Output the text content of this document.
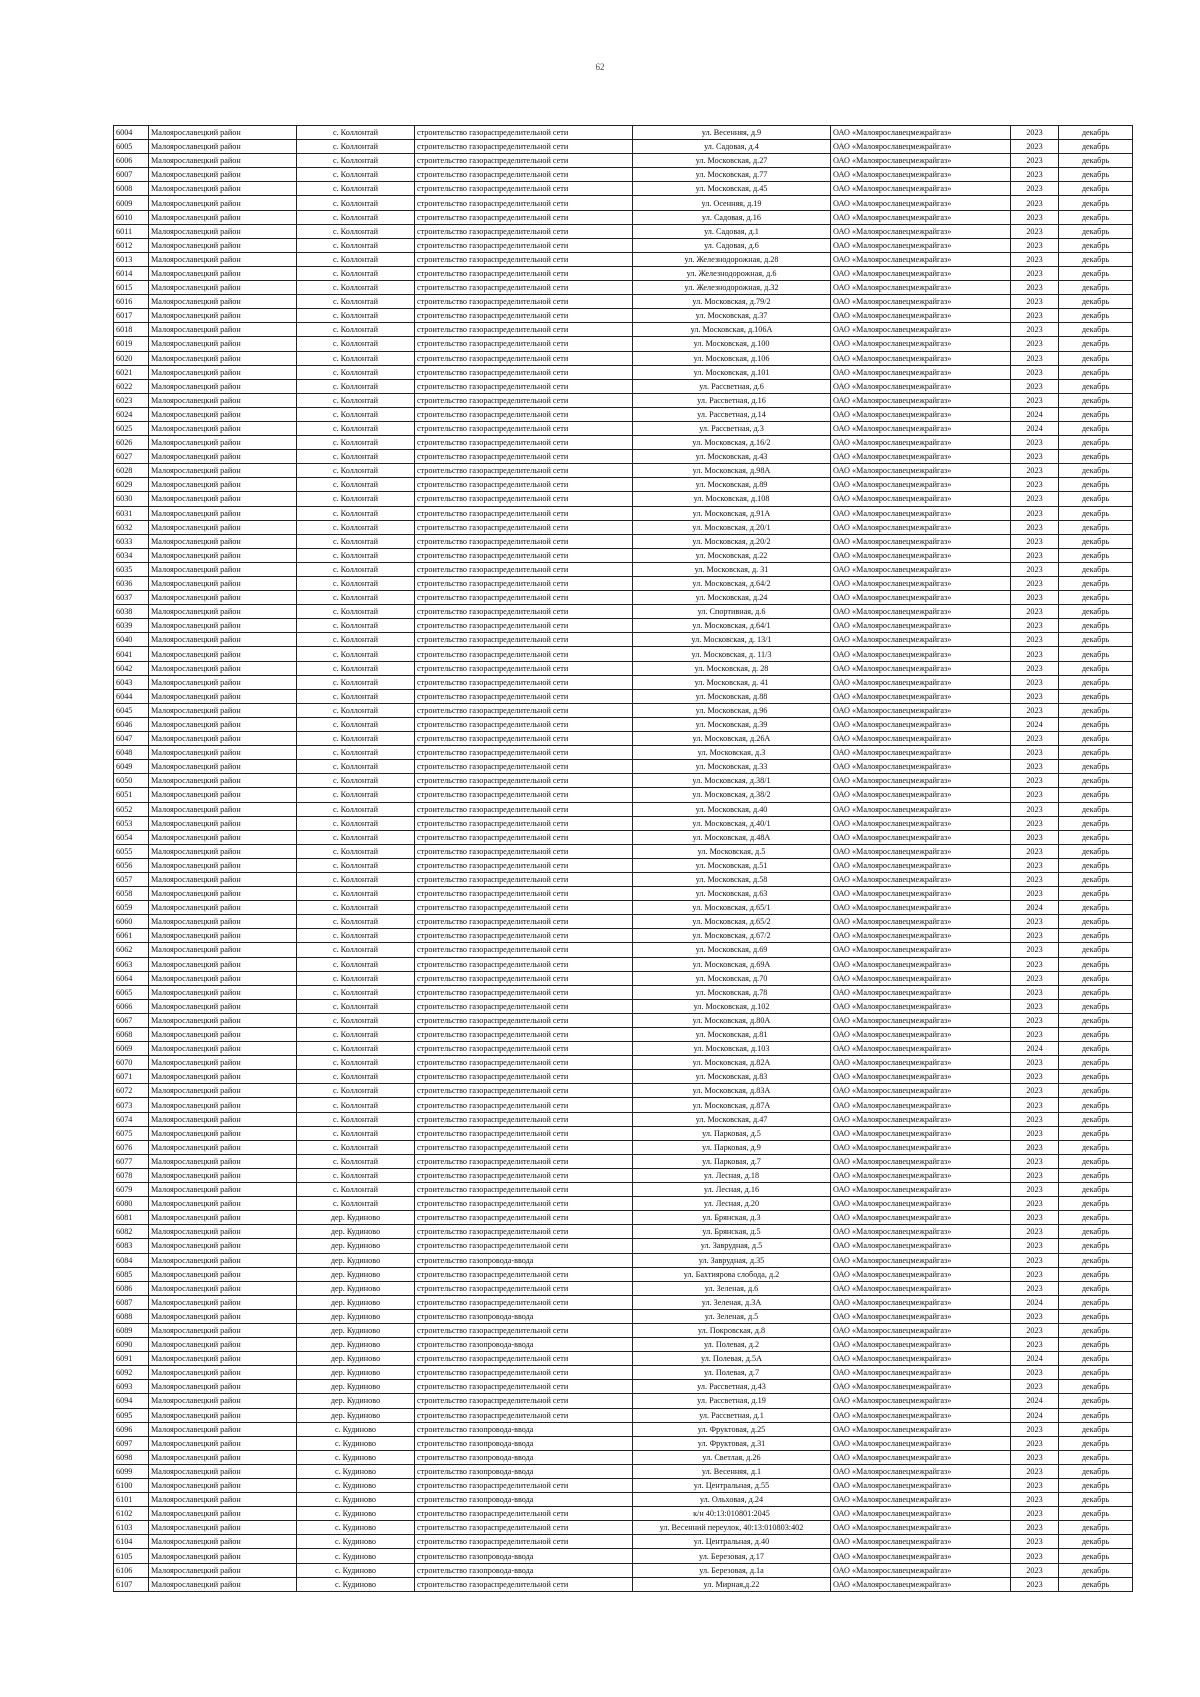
62
6004	Малоярославецкий район	с. Коллонтай	строительство газораспределительной сети	ул. Весенняя, д.9	ОАО «Малоярославецмежрайгаз»	2023	декабрь
6005	Малоярославецкий район	с. Коллонтай	строительство газораспределительной сети	ул. Садовая, д.4	ОАО «Малоярославецмежрайгаз»	2023	декабрь
6006	Малоярославецкий район	с. Коллонтай	строительство газораспределительной сети	ул. Московская, д.27	ОАО «Малоярославецмежрайгаз»	2023	декабрь
6007	Малоярославецкий район	с. Коллонтай	строительство газораспределительной сети	ул. Московская, д.77	ОАО «Малоярославецмежрайгаз»	2023	декабрь
6008	Малоярославецкий район	с. Коллонтай	строительство газораспределительной сети	ул. Московская, д.45	ОАО «Малоярославецмежрайгаз»	2023	декабрь
6009	Малоярославецкий район	с. Коллонтай	строительство газораспределительной сети	ул. Осенняя, д.19	ОАО «Малоярославецмежрайгаз»	2023	декабрь
6010	Малоярославецкий район	с. Коллонтай	строительство газораспределительной сети	ул. Садовая, д.16	ОАО «Малоярославецмежрайгаз»	2023	декабрь
6011	Малоярославецкий район	с. Коллонтай	строительство газораспределительной сети	ул. Садовая, д.1	ОАО «Малоярославецмежрайгаз»	2023	декабрь
6012	Малоярославецкий район	с. Коллонтай	строительство газораспределительной сети	ул. Садовая, д.6	ОАО «Малоярославецмежрайгаз»	2023	декабрь
6013	Малоярославецкий район	с. Коллонтай	строительство газораспределительной сети	ул. Железнодорожная, д.28	ОАО «Малоярославецмежрайгаз»	2023	декабрь
6014	Малоярославецкий район	с. Коллонтай	строительство газораспределительной сети	ул. Железнодорожная, д.6	ОАО «Малоярославецмежрайгаз»	2023	декабрь
6015	Малоярославецкий район	с. Коллонтай	строительство газораспределительной сети	ул. Железнодорожная, д.32	ОАО «Малоярославецмежрайгаз»	2023	декабрь
6016	Малоярославецкий район	с. Коллонтай	строительство газораспределительной сети	ул. Московская, д.79/2	ОАО «Малоярославецмежрайгаз»	2023	декабрь
6017	Малоярославецкий район	с. Коллонтай	строительство газораспределительной сети	ул. Московская, д.37	ОАО «Малоярославецмежрайгаз»	2023	декабрь
6018	Малоярославецкий район	с. Коллонтай	строительство газораспределительной сети	ул. Московская, д.106А	ОАО «Малоярославецмежрайгаз»	2023	декабрь
6019	Малоярославецкий район	с. Коллонтай	строительство газораспределительной сети	ул. Московская, д.100	ОАО «Малоярославецмежрайгаз»	2023	декабрь
6020	Малоярославецкий район	с. Коллонтай	строительство газораспределительной сети	ул. Московская, д.106	ОАО «Малоярославецмежрайгаз»	2023	декабрь
6021	Малоярославецкий район	с. Коллонтай	строительство газораспределительной сети	ул. Московская, д.101	ОАО «Малоярославецмежрайгаз»	2023	декабрь
6022	Малоярославецкий район	с. Коллонтай	строительство газораспределительной сети	ул. Рассветная, д.6	ОАО «Малоярославецмежрайгаз»	2023	декабрь
6023	Малоярославецкий район	с. Коллонтай	строительство газораспределительной сети	ул. Рассветная, д.16	ОАО «Малоярославецмежрайгаз»	2023	декабрь
6024	Малоярославецкий район	с. Коллонтай	строительство газораспределительной сети	ул. Рассветная, д.14	ОАО «Малоярославецмежрайгаз»	2024	декабрь
6025	Малоярославецкий район	с. Коллонтай	строительство газораспределительной сети	ул. Рассветная, д.3	ОАО «Малоярославецмежрайгаз»	2024	декабрь
6026	Малоярославецкий район	с. Коллонтай	строительство газораспределительной сети	ул. Московская, д.16/2	ОАО «Малоярославецмежрайгаз»	2023	декабрь
6027	Малоярославецкий район	с. Коллонтай	строительство газораспределительной сети	ул. Московская, д.43	ОАО «Малоярославецмежрайгаз»	2023	декабрь
6028	Малоярославецкий район	с. Коллонтай	строительство газораспределительной сети	ул. Московская, д.98А	ОАО «Малоярославецмежрайгаз»	2023	декабрь
6029	Малоярославецкий район	с. Коллонтай	строительство газораспределительной сети	ул. Московская, д.89	ОАО «Малоярославецмежрайгаз»	2023	декабрь
6030	Малоярославецкий район	с. Коллонтай	строительство газораспределительной сети	ул. Московская, д.108	ОАО «Малоярославецмежрайгаз»	2023	декабрь
6031	Малоярославецкий район	с. Коллонтай	строительство газораспределительной сети	ул. Московская, д.91А	ОАО «Малоярославецмежрайгаз»	2023	декабрь
6032	Малоярославецкий район	с. Коллонтай	строительство газораспределительной сети	ул. Московская, д.20/1	ОАО «Малоярославецмежрайгаз»	2023	декабрь
6033	Малоярославецкий район	с. Коллонтай	строительство газораспределительной сети	ул. Московская, д.20/2	ОАО «Малоярославецмежрайгаз»	2023	декабрь
6034	Малоярославецкий район	с. Коллонтай	строительство газораспределительной сети	ул. Московская, д.22	ОАО «Малоярославецмежрайгаз»	2023	декабрь
6035	Малоярославецкий район	с. Коллонтай	строительство газораспределительной сети	ул. Московская, д. 31	ОАО «Малоярославецмежрайгаз»	2023	декабрь
6036	Малоярославецкий район	с. Коллонтай	строительство газораспределительной сети	ул. Московская, д.64/2	ОАО «Малоярославецмежрайгаз»	2023	декабрь
6037	Малоярославецкий район	с. Коллонтай	строительство газораспределительной сети	ул. Московская, д.24	ОАО «Малоярославецмежрайгаз»	2023	декабрь
6038	Малоярославецкий район	с. Коллонтай	строительство газораспределительной сети	ул. Спортивная, д.6	ОАО «Малоярославецмежрайгаз»	2023	декабрь
6039	Малоярославецкий район	с. Коллонтай	строительство газораспределительной сети	ул. Московская, д.64/1	ОАО «Малоярославецмежрайгаз»	2023	декабрь
6040	Малоярославецкий район	с. Коллонтай	строительство газораспределительной сети	ул. Московская, д. 13/1	ОАО «Малоярославецмежрайгаз»	2023	декабрь
6041	Малоярославецкий район	с. Коллонтай	строительство газораспределительной сети	ул. Московская, д. 11/3	ОАО «Малоярославецмежрайгаз»	2023	декабрь
6042	Малоярославецкий район	с. Коллонтай	строительство газораспределительной сети	ул. Московская, д. 28	ОАО «Малоярославецмежрайгаз»	2023	декабрь
6043	Малоярославецкий район	с. Коллонтай	строительство газораспределительной сети	ул. Московская, д. 41	ОАО «Малоярославецмежрайгаз»	2023	декабрь
6044	Малоярославецкий район	с. Коллонтай	строительство газораспределительной сети	ул. Московская, д.88	ОАО «Малоярославецмежрайгаз»	2023	декабрь
6045	Малоярославецкий район	с. Коллонтай	строительство газораспределительной сети	ул. Московская, д.96	ОАО «Малоярославецмежрайгаз»	2023	декабрь
6046	Малоярославецкий район	с. Коллонтай	строительство газораспределительной сети	ул. Московская, д.39	ОАО «Малоярославецмежрайгаз»	2024	декабрь
6047	Малоярославецкий район	с. Коллонтай	строительство газораспределительной сети	ул. Московская, д.26А	ОАО «Малоярославецмежрайгаз»	2023	декабрь
6048	Малоярославецкий район	с. Коллонтай	строительство газораспределительной сети	ул. Московская, д.3	ОАО «Малоярославецмежрайгаз»	2023	декабрь
6049	Малоярославецкий район	с. Коллонтай	строительство газораспределительной сети	ул. Московская, д.33	ОАО «Малоярославецмежрайгаз»	2023	декабрь
6050	Малоярославецкий район	с. Коллонтай	строительство газораспределительной сети	ул. Московская, д.38/1	ОАО «Малоярославецмежрайгаз»	2023	декабрь
6051	Малоярославецкий район	с. Коллонтай	строительство газораспределительной сети	ул. Московская, д.38/2	ОАО «Малоярославецмежрайгаз»	2023	декабрь
6052	Малоярославецкий район	с. Коллонтай	строительство газораспределительной сети	ул. Московская, д.40	ОАО «Малоярославецмежрайгаз»	2023	декабрь
6053	Малоярославецкий район	с. Коллонтай	строительство газораспределительной сети	ул. Московская, д.40/1	ОАО «Малоярославецмежрайгаз»	2023	декабрь
6054	Малоярославецкий район	с. Коллонтай	строительство газораспределительной сети	ул. Московская, д.48А	ОАО «Малоярославецмежрайгаз»	2023	декабрь
6055	Малоярославецкий район	с. Коллонтай	строительство газораспределительной сети	ул. Московская, д.5	ОАО «Малоярославецмежрайгаз»	2023	декабрь
6056	Малоярославецкий район	с. Коллонтай	строительство газораспределительной сети	ул. Московская, д.51	ОАО «Малоярославецмежрайгаз»	2023	декабрь
6057	Малоярославецкий район	с. Коллонтай	строительство газораспределительной сети	ул. Московская, д.58	ОАО «Малоярославецмежрайгаз»	2023	декабрь
6058	Малоярославецкий район	с. Коллонтай	строительство газораспределительной сети	ул. Московская, д.63	ОАО «Малоярославецмежрайгаз»	2023	декабрь
6059	Малоярославецкий район	с. Коллонтай	строительство газораспределительной сети	ул. Московская, д.65/1	ОАО «Малоярославецмежрайгаз»	2024	декабрь
6060	Малоярославецкий район	с. Коллонтай	строительство газораспределительной сети	ул. Московская, д.65/2	ОАО «Малоярославецмежрайгаз»	2023	декабрь
6061	Малоярославецкий район	с. Коллонтай	строительство газораспределительной сети	ул. Московская, д.67/2	ОАО «Малоярославецмежрайгаз»	2023	декабрь
6062	Малоярославецкий район	с. Коллонтай	строительство газораспределительной сети	ул. Московская, д.69	ОАО «Малоярославецмежрайгаз»	2023	декабрь
6063	Малоярославецкий район	с. Коллонтай	строительство газораспределительной сети	ул. Московская, д.69А	ОАО «Малоярославецмежрайгаз»	2023	декабрь
6064	Малоярославецкий район	с. Коллонтай	строительство газораспределительной сети	ул. Московская, д.70	ОАО «Малоярославецмежрайгаз»	2023	декабрь
6065	Малоярославецкий район	с. Коллонтай	строительство газораспределительной сети	ул. Московская, д.78	ОАО «Малоярославецмежрайгаз»	2023	декабрь
6066	Малоярославецкий район	с. Коллонтай	строительство газораспределительной сети	ул. Московская, д.102	ОАО «Малоярославецмежрайгаз»	2023	декабрь
6067	Малоярославецкий район	с. Коллонтай	строительство газораспределительной сети	ул. Московская, д.80А	ОАО «Малоярославецмежрайгаз»	2023	декабрь
6068	Малоярославецкий район	с. Коллонтай	строительство газораспределительной сети	ул. Московская, д.81	ОАО «Малоярославецмежрайгаз»	2023	декабрь
6069	Малоярославецкий район	с. Коллонтай	строительство газораспределительной сети	ул. Московская, д.103	ОАО «Малоярославецмежрайгаз»	2024	декабрь
6070	Малоярославецкий район	с. Коллонтай	строительство газораспределительной сети	ул. Московская, д.82А	ОАО «Малоярославецмежрайгаз»	2023	декабрь
6071	Малоярославецкий район	с. Коллонтай	строительство газораспределительной сети	ул. Московская, д.83	ОАО «Малоярославецмежрайгаз»	2023	декабрь
6072	Малоярославецкий район	с. Коллонтай	строительство газораспределительной сети	ул. Московская, д.83А	ОАО «Малоярославецмежрайгаз»	2023	декабрь
6073	Малоярославецкий район	с. Коллонтай	строительство газораспределительной сети	ул. Московская, д.87А	ОАО «Малоярославецмежрайгаз»	2023	декабрь
6074	Малоярославецкий район	с. Коллонтай	строительство газораспределительной сети	ул. Московская, д.47	ОАО «Малоярославецмежрайгаз»	2023	декабрь
6075	Малоярославецкий район	с. Коллонтай	строительство газораспределительной сети	ул. Парковая, д.5	ОАО «Малоярославецмежрайгаз»	2023	декабрь
6076	Малоярославецкий район	с. Коллонтай	строительство газораспределительной сети	ул. Парковая, д.9	ОАО «Малоярославецмежрайгаз»	2023	декабрь
6077	Малоярославецкий район	с. Коллонтай	строительство газораспределительной сети	ул. Парковая, д.7	ОАО «Малоярославецмежрайгаз»	2023	декабрь
6078	Малоярославецкий район	с. Коллонтай	строительство газораспределительной сети	ул. Лесная, д.18	ОАО «Малоярославецмежрайгаз»	2023	декабрь
6079	Малоярославецкий район	с. Коллонтай	строительство газораспределительной сети	ул. Лесная, д.16	ОАО «Малоярославецмежрайгаз»	2023	декабрь
6080	Малоярославецкий район	с. Коллонтай	строительство газораспределительной сети	ул. Лесная, д.20	ОАО «Малоярославецмежрайгаз»	2023	декабрь
6081	Малоярославецкий район	дер. Кудиново	строительство газораспределительной сети	ул. Брянская, д.3	ОАО «Малоярославецмежрайгаз»	2023	декабрь
6082	Малоярославецкий район	дер. Кудиново	строительство газораспределительной сети	ул. Брянская, д.5	ОАО «Малоярославецмежрайгаз»	2023	декабрь
6083	Малоярославецкий район	дер. Кудиново	строительство газораспределительной сети	ул. Заврудная, д.5	ОАО «Малоярославецмежрайгаз»	2023	декабрь
6084	Малоярославецкий район	дер. Кудиново	строительство газопровода-ввода	ул. Заврудная, д.35	ОАО «Малоярославецмежрайгаз»	2023	декабрь
6085	Малоярославецкий район	дер. Кудиново	строительство газораспределительной сети	ул. Бахтиярова слобода, д.2	ОАО «Малоярославецмежрайгаз»	2023	декабрь
6086	Малоярославецкий район	дер. Кудиново	строительство газораспределительной сети	ул. Зеленая, д.6	ОАО «Малоярославецмежрайгаз»	2023	декабрь
6087	Малоярославецкий район	дер. Кудиново	строительство газораспределительной сети	ул. Зеленая, д.3А	ОАО «Малоярославецмежрайгаз»	2024	декабрь
6088	Малоярославецкий район	дер. Кудиново	строительство газопровода-ввода	ул. Зеленая, д.5	ОАО «Малоярославецмежрайгаз»	2023	декабрь
6089	Малоярославецкий район	дер. Кудиново	строительство газораспределительной сети	ул. Покровская, д.8	ОАО «Малоярославецмежрайгаз»	2023	декабрь
6090	Малоярославецкий район	дер. Кудиново	строительство газопровода-ввода	ул. Полевая, д.2	ОАО «Малоярославецмежрайгаз»	2023	декабрь
6091	Малоярославецкий район	дер. Кудиново	строительство газораспределительной сети	ул. Полевая, д.5А	ОАО «Малоярославецмежрайгаз»	2024	декабрь
6092	Малоярославецкий район	дер. Кудиново	строительство газораспределительной сети	ул. Полевая, д.7	ОАО «Малоярославецмежрайгаз»	2023	декабрь
6093	Малоярославецкий район	дер. Кудиново	строительство газораспределительной сети	ул. Рассветная, д.43	ОАО «Малоярославецмежрайгаз»	2023	декабрь
6094	Малоярославецкий район	дер. Кудиново	строительство газораспределительной сети	ул. Рассветная, д.19	ОАО «Малоярославецмежрайгаз»	2024	декабрь
6095	Малоярославецкий район	дер. Кудиново	строительство газораспределительной сети	ул. Рассветная, д.1	ОАО «Малоярославецмежрайгаз»	2024	декабрь
6096	Малоярославецкий район	с. Кудиново	строительство газопровода-ввода	ул. Фруктовая, д.25	ОАО «Малоярославецмежрайгаз»	2023	декабрь
6097	Малоярославецкий район	с. Кудиново	строительство газопровода-ввода	ул. Фруктовая, д.31	ОАО «Малоярославецмежрайгаз»	2023	декабрь
6098	Малоярославецкий район	с. Кудиново	строительство газопровода-ввода	ул. Светлая, д.26	ОАО «Малоярославецмежрайгаз»	2023	декабрь
6099	Малоярославецкий район	с. Кудиново	строительство газопровода-ввода	ул. Весенняя, д.1	ОАО «Малоярославецмежрайгаз»	2023	декабрь
6100	Малоярославецкий район	с. Кудиново	строительство газораспределительной сети	ул. Центральная, д.55	ОАО «Малоярославецмежрайгаз»	2023	декабрь
6101	Малоярославецкий район	с. Кудиново	строительство газопровода-ввода	ул. Ольховая, д.24	ОАО «Малоярославецмежрайгаз»	2023	декабрь
6102	Малоярославецкий район	с. Кудиново	строительство газораспределительной сети	к/н 40:13:010801:2045	ОАО «Малоярославецмежрайгаз»	2023	декабрь
6103	Малоярославецкий район	с. Кудиново	строительство газораспределительной сети	ул. Весенний переулок, 40:13:010803:402	ОАО «Малоярославецмежрайгаз»	2023	декабрь
6104	Малоярославецкий район	с. Кудиново	строительство газораспределительной сети	ул. Центральная, д.40	ОАО «Малоярославецмежрайгаз»	2023	декабрь
6105	Малоярославецкий район	с. Кудиново	строительство газопровода-ввода	ул. Березовая, д.17	ОАО «Малоярославецмежрайгаз»	2023	декабрь
6106	Малоярославецкий район	с. Кудиново	строительство газопровода-ввода	ул. Березовая, д.1а	ОАО «Малоярославецмежрайгаз»	2023	декабрь
6107	Малоярославецкий район	с. Кудиново	строительство газораспределительной сети	ул. Мирная,д.22	ОАО «Малоярославецмежрайгаз»	2023	декабрь
